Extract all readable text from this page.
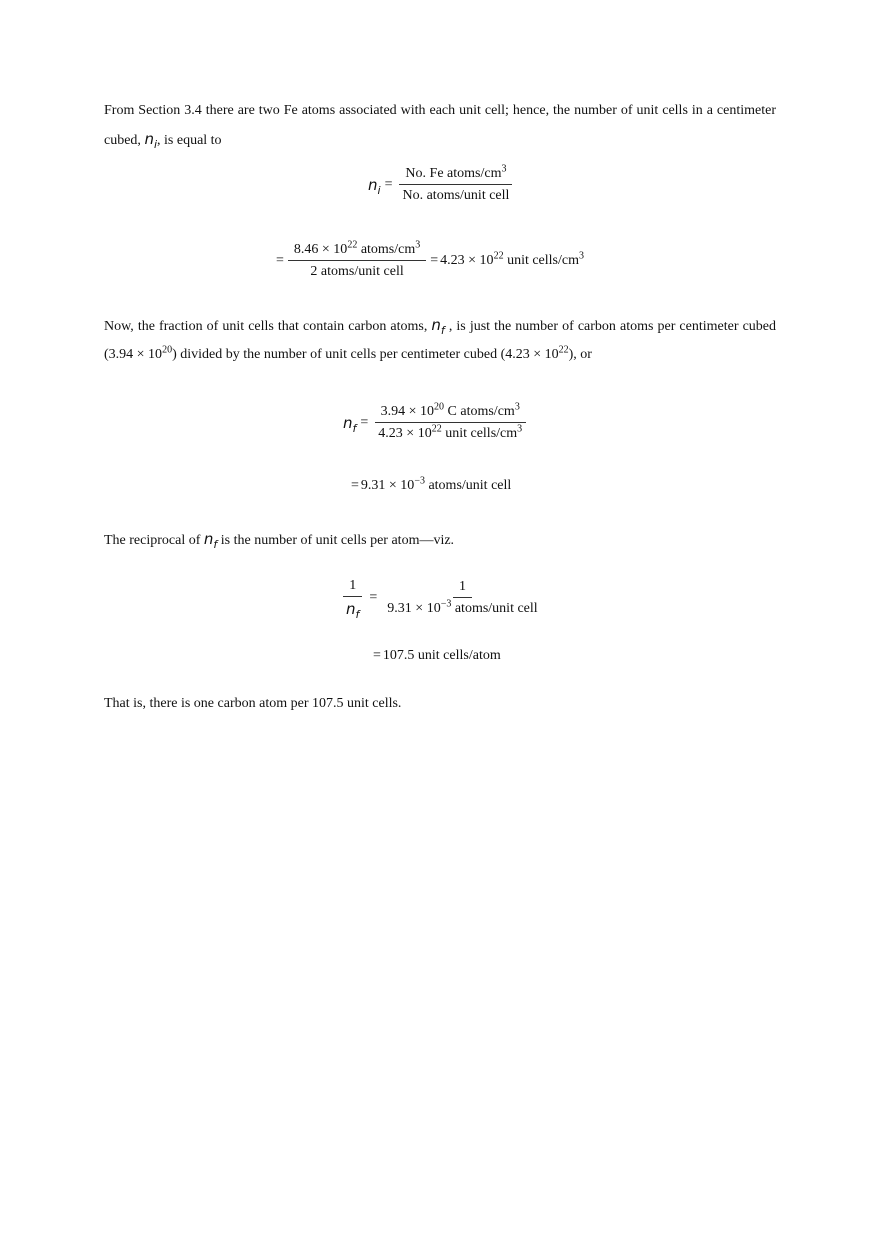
From Section 3.4 there are two Fe atoms associated with each unit cell; hence, the number of unit cells in a centimeter cubed, $n_i$, is equal to

$n_i = \frac{No. Fe atoms/cm^3}{\text{No. atoms/unit cell}}$
= $\frac{8.46 \times 10^{22} atoms/cm^3}{\text{2 atoms/unit cell}} = 4.23 \times 10^{22}$ unit cells/$cm^3$

Now, the fraction of unit cells that contain carbon atoms, $n_f$ , is just the number of carbon atoms per centimeter cubed $(3.94 \times 10^{20})$ divided by the number of unit cells per centimeter cubed $(4.23 \times 10^{22})$, or

$n_f = \frac{3.94 \times 10^{20} C atoms/cm^3}{4.23 \times 10^{22} unit cells/cm^3}$
= $9.31 \times 10^{-3}$ atoms/unit cell

The reciprocal of $n_f$ is the number of unit cells per atom—viz.

$\frac{1}{n_f} = \frac{1}{9.31 \times 10^{-3} atoms/unit cell}$
= 107.5 unit cells/atom

That is, there is one carbon atom per 107.5 unit cells.
